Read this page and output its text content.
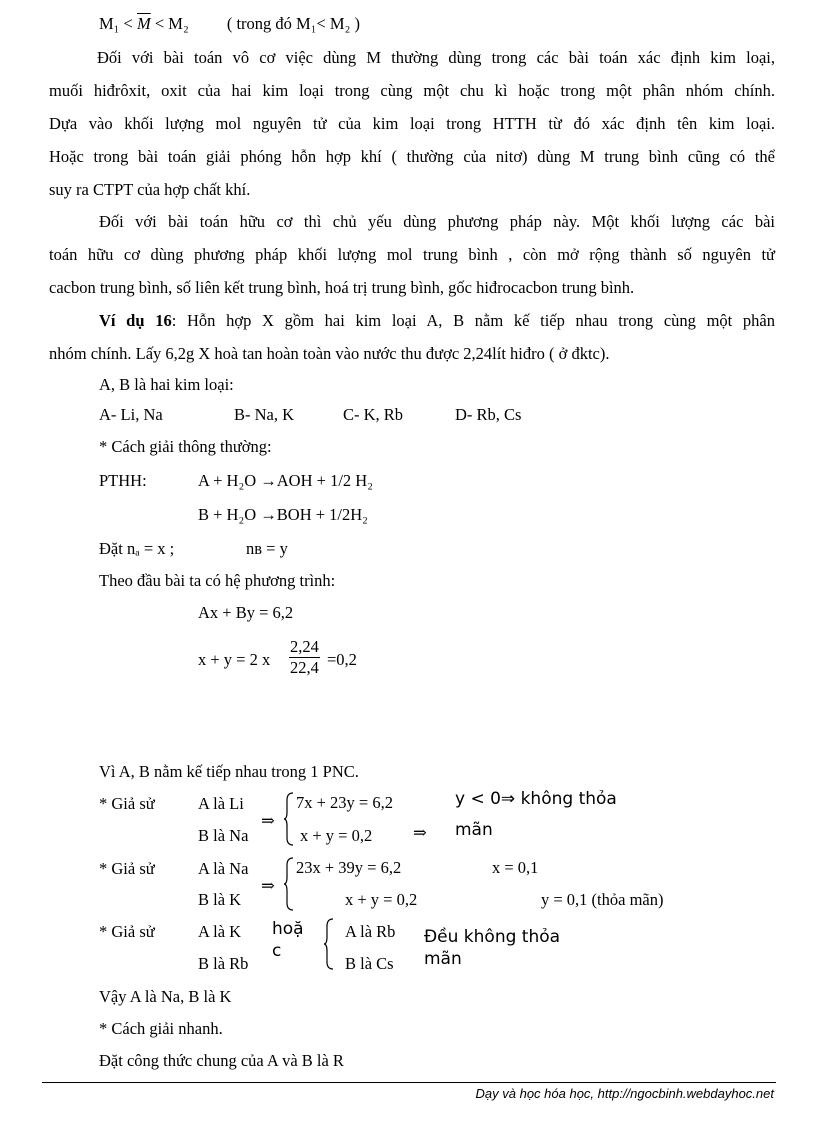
$M_1 < \overline{M} < M_2$ ( trong đó M₁< M₂ )
Đối với bài toán vô cơ việc dùng M thường dùng trong các bài toán xác định kim loại,
muối hiđrôxit, oxit của hai kim loại trong cùng một chu kì hoặc trong một phân nhóm chính.
Dựa vào khối lượng mol nguyên tử của kim loại trong HTTH từ đó xác định tên kim loại.
Hoặc trong bài toán giải phóng hỗn hợp khí ( thường của nitơ) dùng M trung bình cũng có thể
suy ra CTPT của hợp chất khí.
Đối với bài toán hữu cơ thì chủ yếu dùng phương pháp này. Một khối lượng các bài
toán hữu cơ dùng phương pháp khối lượng mol trung bình , còn mở rộng thành số nguyên tử
cacbon trung bình, số liên kết trung bình, hoá trị trung bình, gốc hiđrocacbon trung bình.
Ví dụ 16: Hỗn hợp X gồm hai kim loại A, B nằm kế tiếp nhau trong cùng một phân
nhóm chính. Lấy 6,2g X hoà tan hoàn toàn vào nước thu được 2,24lít hiđro ( ở đktc).
A, B là hai kim loại:
A- Li, Na	B- Na, K	C- K, Rb	D- Rb, Cs
* Cách giải thông thường:
PTHH:	A + H₂O →AOH + 1/2 H₂
B + H₂O →BOH + 1/2H₂
Đặt nₐ = x ;	nʙ = y
Theo đầu bài ta có hệ phương trình:
Ax + By = 6,2
x + y = 2 x $\frac{2,24}{22,4} =0,2$
Vì A, B nằm kế tiếp nhau trong 1 PNC.
* Giả sử	A là Li
B là Na
⇒
7x + 23y = 6,2
x + y = 0,2 ⇒
y < 0⇒ không thỏa
mãn
* Giả sử	A là Na
B là K
⇒
23x + 39y = 6,2
x + y = 0,2
x = 0,1
y = 0,1 (thỏa mãn)
* Giả sử	A là K
B là Rb
hoặ
c
A là Rb
B là Cs
Đều không thỏa
mãn
Vậy A là Na, B là K
* Cách giải nhanh.
Đặt công thức chung của A và B là R
Dạy và học hóa học, http://ngocbinh.webdayhoc.net
